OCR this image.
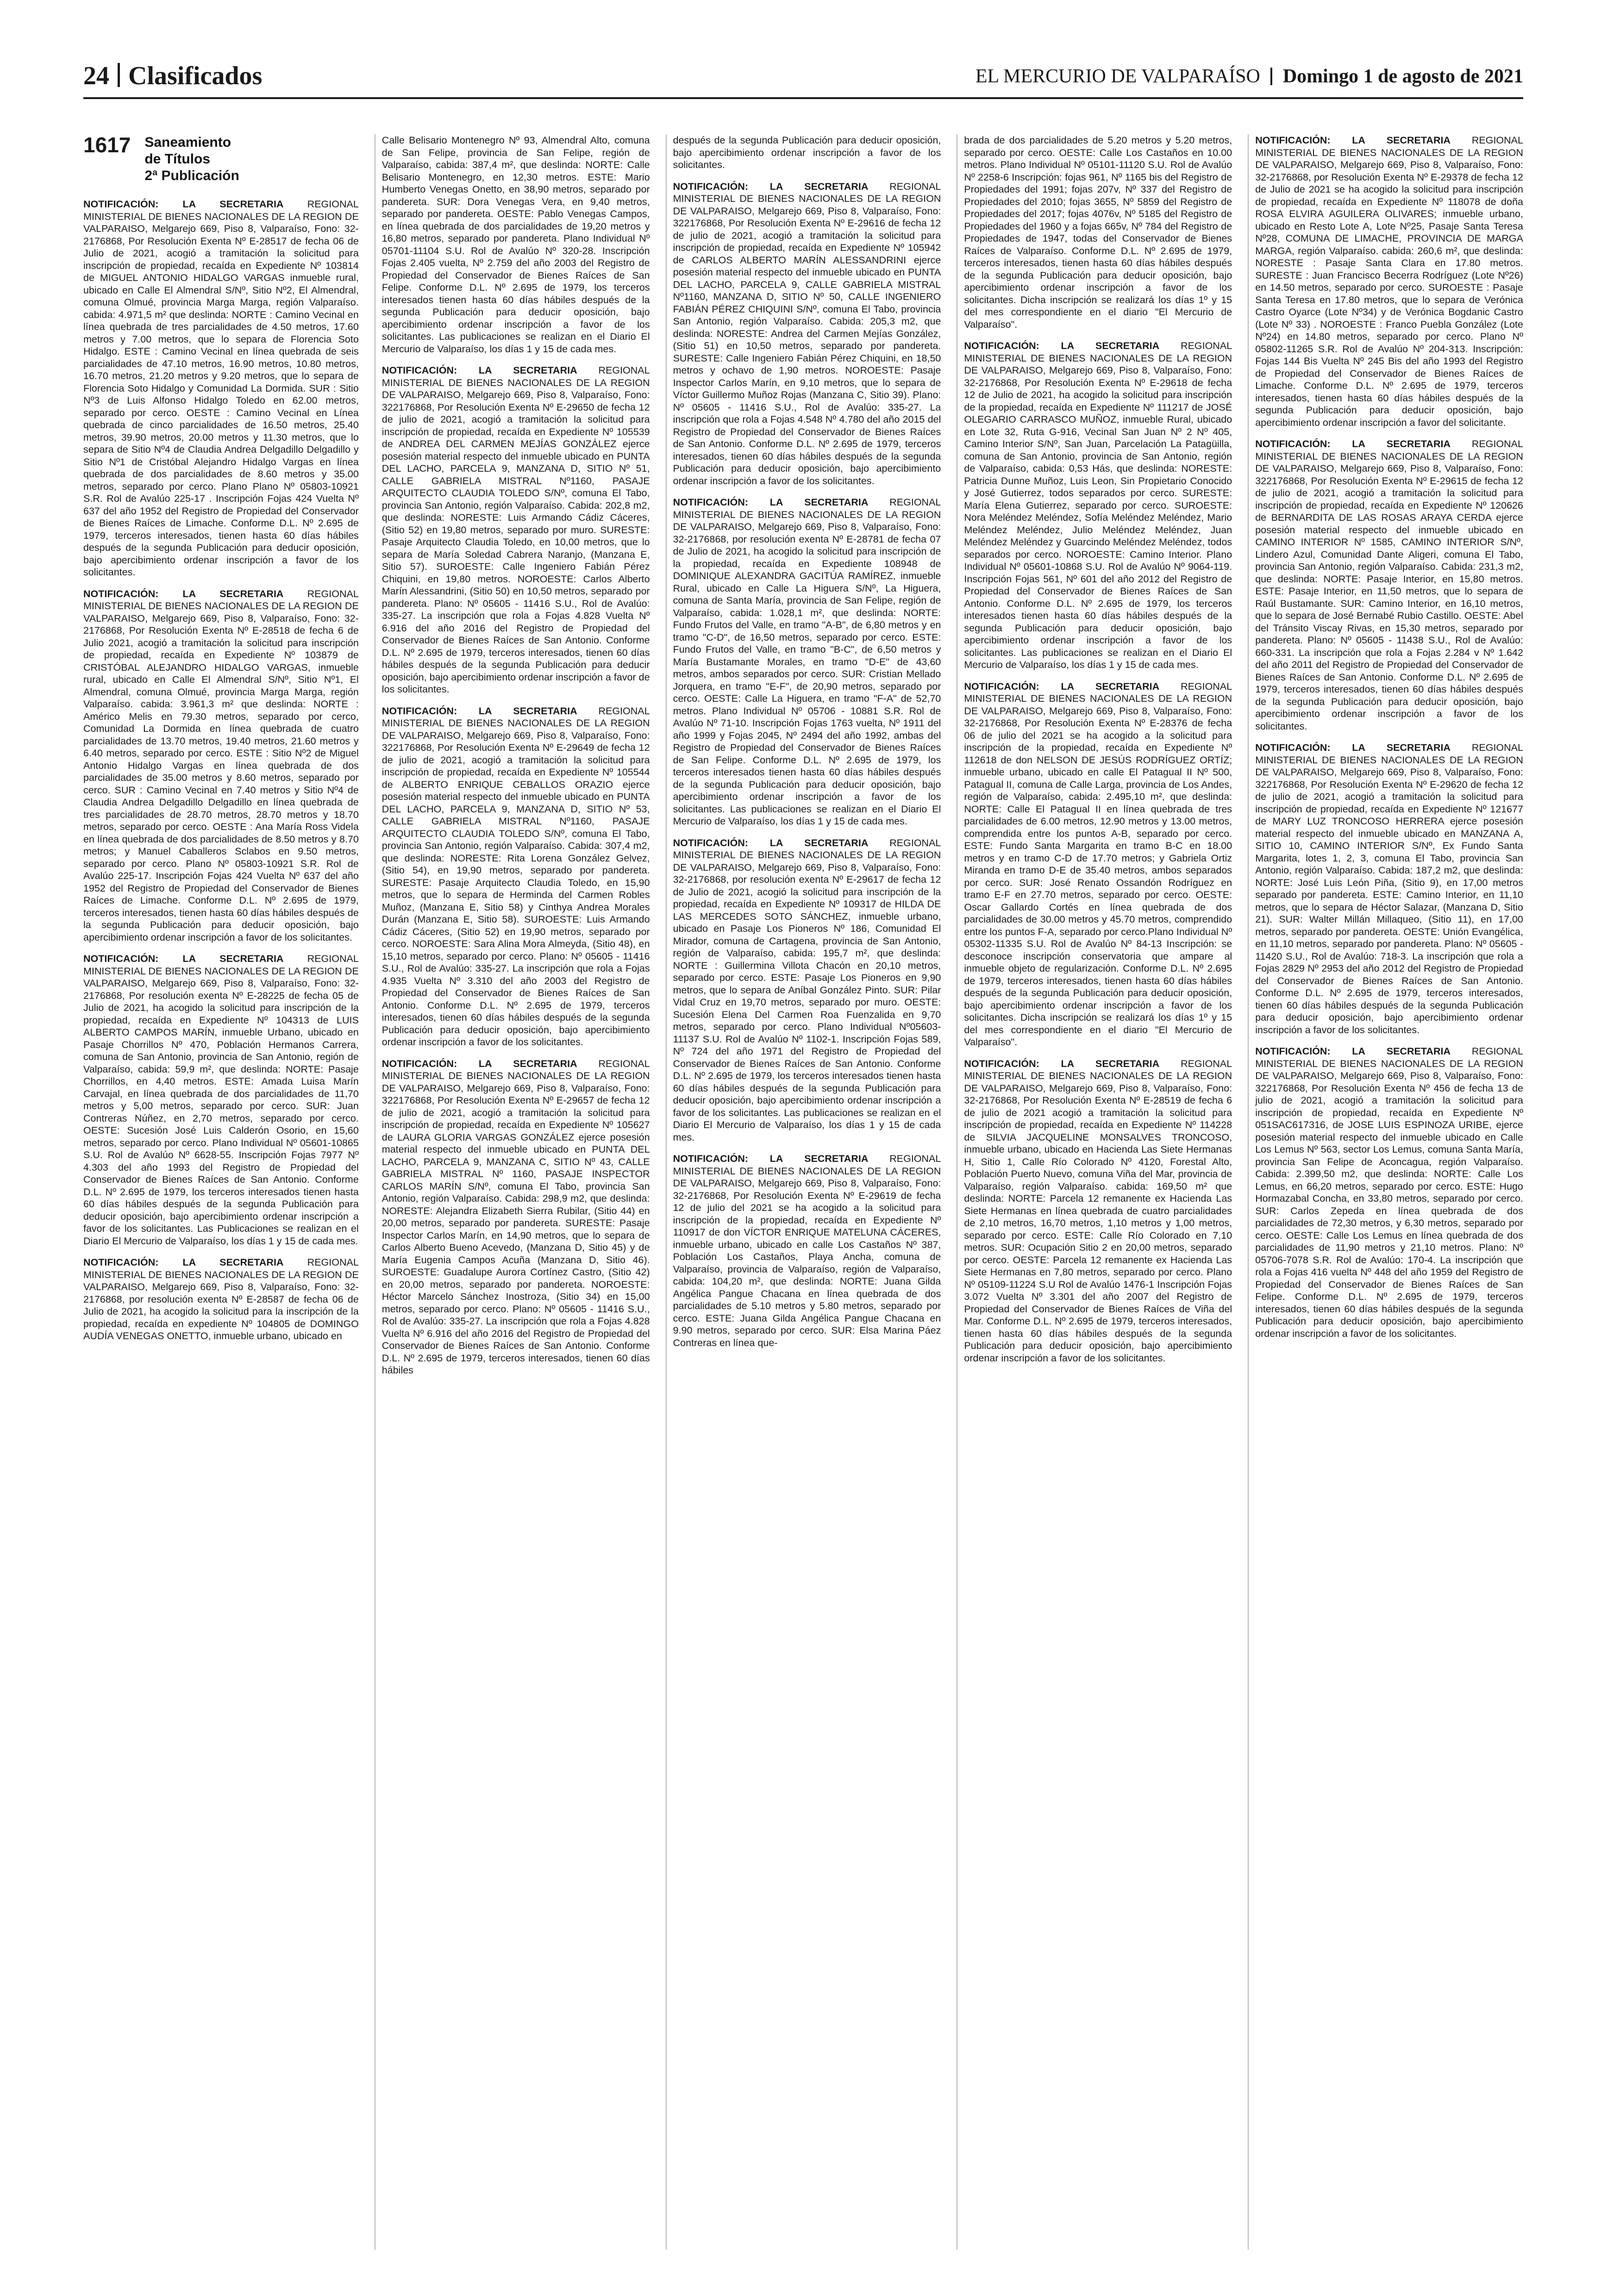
24 Clasificados	EL MERCURIO DE VALPARAÍSO Domingo 1 de agosto de 2021
1617 Saneamiento
de Títulos
2ª Publicación

NOTIFICACIÓN: LA SECRETARIA REGIONAL MINISTERIAL DE BIENES NACIONALES DE LA REGION DE VALPARAISO, Melgarejo 669, Piso 8, Valparaíso, Fono: 32-2176868, Por Resolución Exenta Nº E-28517 de fecha 06 de Julio de 2021, acogió a tramitación la solicitud para inscripción de propiedad, recaída en Expediente Nº 103814 de MIGUEL ANTONIO HIDALGO VARGAS inmueble rural, ubicado en Calle El Almendral S/Nº, Sitio Nº2, El Almendral, comuna Olmué, provincia Marga Marga, región Valparaíso. cabida: 4.971,5 m² que deslinda: NORTE : Camino Vecinal en línea quebrada de tres parcialidades de 4.50 metros, 17.60 metros y 7.00 metros, que lo separa de Florencia Soto Hidalgo. ESTE : Camino Vecinal en línea quebrada de seis parcialidades de 47.10 metros, 16.90 metros, 10.80 metros, 16.70 metros, 21.20 metros y 9.20 metros, que lo separa de Florencia Soto Hidalgo y Comunidad La Dormida. SUR : Sitio Nº3 de Luis Alfonso Hidalgo Toledo en 62.00 metros, separado por cerco. OESTE : Camino Vecinal en Línea quebrada de cinco parcialidades de 16.50 metros, 25.40 metros, 39.90 metros, 20.00 metros y 11.30 metros, que lo separa de Sitio Nº4 de Claudia Andrea Delgadillo Delgadillo y Sitio Nº1 de Cristóbal Alejandro Hidalgo Vargas en línea quebrada de dos parcialidades de 8.60 metros y 35.00 metros, separado por cerco. Plano Plano Nº 05803-10921 S.R. Rol de Avalúo 225-17 . Inscripción Fojas 424 Vuelta Nº 637 del año 1952 del Registro de Propiedad del Conservador de Bienes Raíces de Limache. Conforme D.L. Nº 2.695 de 1979, terceros interesados, tienen hasta 60 días hábiles después de la segunda Publicación para deducir oposición, bajo apercibimiento ordenar inscripción a favor de los solicitantes.

NOTIFICACIÓN: LA SECRETARIA REGIONAL MINISTERIAL DE BIENES NACIONALES DE LA REGION DE VALPARAISO, Melgarejo 669, Piso 8, Valparaíso, Fono: 32-2176868, Por Resolución Exenta Nº E-28518 de fecha 6 de Julio 2021, acogió a tramitación la solicitud para inscripción de propiedad, recaída en Expediente Nº 103879 de CRISTÓBAL ALEJANDRO HIDALGO VARGAS, inmueble rural, ubicado en Calle El Almendral S/Nº, Sitio Nº1, El Almendral, comuna Olmué, provincia Marga Marga, región Valparaíso. cabida: 3.961,3 m² que deslinda: NORTE : Américo Melis en 79.30 metros, separado por cerco, Comunidad La Dormida en línea quebrada de cuatro parcialidades de 13.70 metros, 19.40 metros, 21.60 metros y 6.40 metros, separado por cerco. ESTE : Sitio Nº2 de Miguel Antonio Hidalgo Vargas en línea quebrada de dos parcialidades de 35.00 metros y 8.60 metros, separado por cerco. SUR : Camino Vecinal en 7.40 metros y Sitio Nº4 de Claudia Andrea Delgadillo Delgadillo en línea quebrada de tres parcialidades de 28.70 metros, 28.70 metros y 18.70 metros, separado por cerco. OESTE : Ana María Ross Videla en línea quebrada de dos parcialidades de 8.50 metros y 8.70 metros; y Manuel Caballeros Sclabos en 9.50 metros, separado por cerco. Plano Nº 05803-10921 S.R. Rol de Avalúo 225-17. Inscripción Fojas 424 Vuelta Nº 637 del año 1952 del Registro de Propiedad del Conservador de Bienes Raíces de Limache. Conforme D.L. Nº 2.695 de 1979, terceros interesados, tienen hasta 60 días hábiles después de la segunda Publicación para deducir oposición, bajo apercibimiento ordenar inscripción a favor de los solicitantes.

NOTIFICACIÓN: LA SECRETARIA REGIONAL MINISTERIAL DE BIENES NACIONALES DE LA REGION DE VALPARAISO, Melgarejo 669, Piso 8, Valparaíso, Fono: 32-2176868, Por resolución exenta Nº E-28225 de fecha 05 de Julio de 2021, ha acogido la solicitud para inscripción de la propiedad, recaída en Expediente Nº 104313 de LUIS ALBERTO CAMPOS MARÍN, inmueble Urbano, ubicado en Pasaje Chorrillos Nº 470, Población Hermanos Carrera, comuna de San Antonio, provincia de San Antonio, región de Valparaíso, cabida: 59,9 m², que deslinda: NORTE: Pasaje Chorrillos, en 4,40 metros. ESTE: Amada Luisa Marín Carvajal, en línea quebrada de dos parcialidades de 11,70 metros y 5,00 metros, separado por cerco. SUR: Juan Contreras Núñez, en 2,70 metros, separado por cerco. OESTE: Sucesión José Luis Calderón Osorio, en 15,60 metros, separado por cerco. Plano Individual Nº 05601-10865 S.U. Rol de Avalúo Nº 6628-55. Inscripción Fojas 7977 Nº 4.303 del año 1993 del Registro de Propiedad del Conservador de Bienes Raíces de San Antonio. Conforme D.L. Nº 2.695 de 1979, los terceros interesados tienen hasta 60 días hábiles después de la segunda Publicación para deducir oposición, bajo apercibimiento ordenar inscripción a favor de los solicitantes. Las Publicaciones se realizan en el Diario El Mercurio de Valparaíso, los días 1 y 15 de cada mes.

NOTIFICACIÓN: LA SECRETARIA REGIONAL MINISTERIAL DE BIENES NACIONALES DE LA REGION DE VALPARAISO, Melgarejo 669, Piso 8, Valparaíso, Fono: 32-2176868, por resolución exenta Nº E-28587 de fecha 06 de Julio de 2021, ha acogido la solicitud para la inscripción de la propiedad, recaída en expediente Nº 104805 de DOMINGO AUDÍA VENEGAS ONETTO, inmueble urbano, ubicado en

Calle Belisario Montenegro Nº 93, Almendral Alto, comuna de San Felipe, provincia de San Felipe, región de Valparaíso, cabida: 387,4 m², que deslinda: NORTE: Calle Belisario Montenegro, en 12,30 metros. ESTE: Mario Humberto Venegas Onetto, en 38,90 metros, separado por pandereta. SUR: Dora Venegas Vera, en 9,40 metros, separado por pandereta. OESTE: Pablo Venegas Campos, en línea quebrada de dos parcialidades de 19,20 metros y 16,80 metros, separado por pandereta. Plano Individual Nº 05701-11104 S.U. Rol de Avalúo Nº 320-28. Inscripción Fojas 2.405 vuelta, Nº 2.759 del año 2003 del Registro de Propiedad del Conservador de Bienes Raíces de San Felipe. Conforme D.L. Nº 2.695 de 1979, los terceros interesados tienen hasta 60 días hábiles después de la segunda Publicación para deducir oposición, bajo apercibimiento ordenar inscripción a favor de los solicitantes. Las publicaciones se realizan en el Diario El Mercurio de Valparaíso, los días 1 y 15 de cada mes.

NOTIFICACIÓN: LA SECRETARIA REGIONAL MINISTERIAL DE BIENES NACIONALES DE LA REGION DE VALPARAISO, Melgarejo 669, Piso 8, Valparaíso, Fono: 322176868, Por Resolución Exenta Nº E-29650 de fecha 12 de julio de 2021, acogió a tramitación la solicitud para inscripción de propiedad, recaída en Expediente Nº 105539 de ANDREA DEL CARMEN MEJÍAS GONZÁLEZ ejerce posesión material respecto del inmueble ubicado en PUNTA DEL LACHO, PARCELA 9, MANZANA D, SITIO Nº 51, CALLE GABRIELA MISTRAL Nº1160, PASAJE ARQUITECTO CLAUDIA TOLEDO S/Nº, comuna El Tabo, provincia San Antonio, región Valparaíso. Cabida: 202,8 m2, que deslinda: NORESTE: Luis Armando Cádiz Cáceres, (Sitio 52) en 19,80 metros, separado por muro. SURESTE: Pasaje Arquitecto Claudia Toledo, en 10,00 metros, que lo separa de María Soledad Cabrera Naranjo, (Manzana E, Sitio 57). SUROESTE: Calle Ingeniero Fabián Pérez Chiquini, en 19,80 metros. NOROESTE: Carlos Alberto Marín Alessandrini, (Sitio 50) en 10,50 metros, separado por pandereta. Plano: Nº 05605 - 11416 S.U., Rol de Avalúo: 335-27. La inscripción que rola a Fojas 4.828 Vuelta Nº 6.916 del año 2016 del Registro de Propiedad del Conservador de Bienes Raíces de San Antonio. Conforme D.L. Nº 2.695 de 1979, terceros interesados, tienen 60 días hábiles después de la segunda Publicación para deducir oposición, bajo apercibimiento ordenar inscripción a favor de los solicitantes.

NOTIFICACIÓN: LA SECRETARIA REGIONAL MINISTERIAL DE BIENES NACIONALES DE LA REGION DE VALPARAISO, Melgarejo 669, Piso 8, Valparaíso, Fono: 322176868, Por Resolución Exenta Nº E-29649 de fecha 12 de julio de 2021, acogió a tramitación la solicitud para inscripción de propiedad, recaída en Expediente Nº 105544 de ALBERTO ENRIQUE CEBALLOS ORAZIO ejerce posesión material respecto del inmueble ubicado en PUNTA DEL LACHO, PARCELA 9, MANZANA D, SITIO Nº 53, CALLE GABRIELA MISTRAL Nº1160, PASAJE ARQUITECTO CLAUDIA TOLEDO S/Nº, comuna El Tabo, provincia San Antonio, región Valparaíso. Cabida: 307,4 m2, que deslinda: NORESTE: Rita Lorena González Gelvez, (Sitio 54), en 19,90 metros, separado por pandereta. SURESTE: Pasaje Arquitecto Claudia Toledo, en 15,90 metros, que lo separa de Herminda del Carmen Robles Muñoz, (Manzana E, Sitio 58) y Cinthya Andrea Morales Durán (Manzana E, Sitio 58). SUROESTE: Luis Armando Cádiz Cáceres, (Sitio 52) en 19,90 metros, separado por cerco. NOROESTE: Sara Alina Mora Almeyda, (Sitio 48), en 15,10 metros, separado por cerco. Plano: Nº 05605 - 11416 S.U., Rol de Avalúo: 335-27. La inscripción que rola a Fojas 4.935 Vuelta Nº 3.310 del año 2003 del Registro de Propiedad del Conservador de Bienes Raíces de San Antonio. Conforme D.L. Nº 2.695 de 1979, terceros interesados, tienen 60 días hábiles después de la segunda Publicación para deducir oposición, bajo apercibimiento ordenar inscripción a favor de los solicitantes.

NOTIFICACIÓN: LA SECRETARIA REGIONAL MINISTERIAL DE BIENES NACIONALES DE LA REGION DE VALPARAISO, Melgarejo 669, Piso 8, Valparaíso, Fono: 322176868, Por Resolución Exenta Nº E-29657 de fecha 12 de julio de 2021, acogió a tramitación la solicitud para inscripción de propiedad, recaída en Expediente Nº 105627 de LAURA GLORIA VARGAS GONZÁLEZ ejerce posesión material respecto del inmueble ubicado en PUNTA DEL LACHO, PARCELA 9, MANZANA C, SITIO Nº 43, CALLE GABRIELA MISTRAL Nº 1160, PASAJE INSPECTOR CARLOS MARÍN S/Nº, comuna El Tabo, provincia San Antonio, región Valparaíso. Cabida: 298,9 m2, que deslinda: NORESTE: Alejandra Elizabeth Sierra Rubilar, (Sitio 44) en 20,00 metros, separado por pandereta. SURESTE: Pasaje Inspector Carlos Marín, en 14,90 metros, que lo separa de Carlos Alberto Bueno Acevedo, (Manzana D, Sitio 45) y de María Eugenia Campos Acuña (Manzana D, Sitio 46). SUROESTE: Guadalupe Aurora Cortínez Castro, (Sitio 42) en 20,00 metros, separado por pandereta. NOROESTE: Héctor Marcelo Sánchez Inostroza, (Sitio 34) en 15,00 metros, separado por cerco. Plano: Nº 05605 - 11416 S.U., Rol de Avalúo: 335-27. La inscripción que rola a Fojas 4.828 Vuelta Nº 6.916 del año 2016 del Registro de Propiedad del Conservador de Bienes Raíces de San Antonio. Conforme D.L. Nº 2.695 de 1979, terceros interesados, tienen 60 días hábiles

después de la segunda Publicación para deducir oposición, bajo apercibimiento ordenar inscripción a favor de los solicitantes.

NOTIFICACIÓN: LA SECRETARIA REGIONAL MINISTERIAL DE BIENES NACIONALES DE LA REGION DE VALPARAISO, Melgarejo 669, Piso 8, Valparaíso, Fono: 322176868, Por Resolución Exenta Nº E-29616 de fecha 12 de julio de 2021, acogió a tramitación la solicitud para inscripción de propiedad, recaída en Expediente Nº 105942 de CARLOS ALBERTO MARÍN ALESSANDRINI ejerce posesión material respecto del inmueble ubicado en PUNTA DEL LACHO, PARCELA 9, CALLE GABRIELA MISTRAL Nº1160, MANZANA D, SITIO Nº 50, CALLE INGENIERO FABIÁN PÉREZ CHIQUINI S/Nº, comuna El Tabo, provincia San Antonio, región Valparaíso. Cabida: 205,3 m2, que deslinda: NORESTE: Andrea del Carmen Mejías González, (Sitio 51) en 10,50 metros, separado por pandereta. SURESTE: Calle Ingeniero Fabián Pérez Chiquini, en 18,50 metros y ochavo de 1,90 metros. NOROESTE: Pasaje Inspector Carlos Marín, en 9,10 metros, que lo separa de Víctor Guillermo Muñoz Rojas (Manzana C, Sitio 39). Plano: Nº 05605 - 11416 S.U., Rol de Avalúo: 335-27. La inscripción que rola a Fojas 4.548 Nº 4.780 del año 2015 del Registro de Propiedad del Conservador de Bienes Raíces de San Antonio. Conforme D.L. Nº 2.695 de 1979, terceros interesados, tienen 60 días hábiles después de la segunda Publicación para deducir oposición, bajo apercibimiento ordenar inscripción a favor de los solicitantes.

NOTIFICACIÓN: LA SECRETARIA REGIONAL MINISTERIAL DE BIENES NACIONALES DE LA REGION DE VALPARAISO, Melgarejo 669, Piso 8, Valparaíso, Fono: 32-2176868, por resolución exenta Nº E-28781 de fecha 07 de Julio de 2021, ha acogido la solicitud para inscripción de la propiedad, recaída en Expediente 108948 de DOMINIQUE ALEXANDRA GACITÚA RAMÍREZ, inmueble Rural, ubicado en Calle La Higuera S/Nº, La Higuera, comuna de Santa María, provincia de San Felipe, región de Valparaíso, cabida: 1.028,1 m², que deslinda: NORTE: Fundo Frutos del Valle, en tramo "A-B", de 6,80 metros y en tramo "C-D", de 16,50 metros, separado por cerco. ESTE: Fundo Frutos del Valle, en tramo "B-C", de 6,50 metros y María Bustamante Morales, en tramo "D-E" de 43,60 metros, ambos separados por cerco. SUR: Cristian Mellado Jorquera, en tramo "E-F", de 20,90 metros, separado por cerco. OESTE: Calle La Higuera, en tramo "F-A" de 52,70 metros. Plano Individual Nº 05706 - 10881 S.R. Rol de Avalúo Nº 71-10. Inscripción Fojas 1763 vuelta, Nº 1911 del año 1999 y Fojas 2045, Nº 2494 del año 1992, ambas del Registro de Propiedad del Conservador de Bienes Raíces de San Felipe. Conforme D.L. Nº 2.695 de 1979, los terceros interesados tienen hasta 60 días hábiles después de la segunda Publicación para deducir oposición, bajo apercibimiento ordenar inscripción a favor de los solicitantes. Las publicaciones se realizan en el Diario El Mercurio de Valparaíso, los días 1 y 15 de cada mes.

NOTIFICACIÓN: LA SECRETARIA REGIONAL MINISTERIAL DE BIENES NACIONALES DE LA REGION DE VALPARAISO, Melgarejo 669, Piso 8, Valparaíso, Fono: 32-2176868, por resolución exenta Nº E-29617 de fecha 12 de Julio de 2021, acogió la solicitud para inscripción de la propiedad, recaída en Expediente Nº 109317 de HILDA DE LAS MERCEDES SOTO SÁNCHEZ, inmueble urbano, ubicado en Pasaje Los Pioneros Nº 186, Comunidad El Mirador, comuna de Cartagena, provincia de San Antonio, región de Valparaíso, cabida: 195,7 m², que deslinda: NORTE : Guillermina Villota Chacón en 20,10 metros, separado por cerco. ESTE: Pasaje Los Pioneros en 9,90 metros, que lo separa de Aníbal González Pinto. SUR: Pilar Vidal Cruz en 19,70 metros, separado por muro. OESTE: Sucesión Elena Del Carmen Roa Fuenzalida en 9,70 metros, separado por cerco. Plano Individual Nº05603-11137 S.U. Rol de Avalúo Nº 1102-1. Inscripción Fojas 589, Nº 724 del año 1971 del Registro de Propiedad del Conservador de Bienes Raíces de San Antonio. Conforme D.L. Nº 2.695 de 1979, los terceros interesados tienen hasta 60 días hábiles después de la segunda Publicación para deducir oposición, bajo apercibimiento ordenar inscripción a favor de los solicitantes. Las publicaciones se realizan en el Diario El Mercurio de Valparaíso, los días 1 y 15 de cada mes.

NOTIFICACIÓN: LA SECRETARIA REGIONAL MINISTERIAL DE BIENES NACIONALES DE LA REGION DE VALPARAISO, Melgarejo 669, Piso 8, Valparaíso, Fono: 32-2176868, Por Resolución Exenta Nº E-29619 de fecha 12 de julio del 2021 se ha acogido a la solicitud para inscripción de la propiedad, recaída en Expediente Nº 110917 de don VÍCTOR ENRIQUE MATELUNA CÁCERES, inmueble urbano, ubicado en calle Los Castaños Nº 387, Población Los Castaños, Playa Ancha, comuna de Valparaíso, provincia de Valparaíso, región de Valparaíso, cabida: 104,20 m², que deslinda: NORTE: Juana Gilda Angélica Pangue Chacana en línea quebrada de dos parcialidades de 5.10 metros y 5.80 metros, separado por cerco. ESTE: Juana Gilda Angélica Pangue Chacana en 9.90 metros, separado por cerco. SUR: Elsa Marina Páez Contreras en línea que-

brada de dos parcialidades de 5.20 metros y 5.20 metros, separado por cerco. OESTE: Calle Los Castaños en 10.00 metros. Plano Individual Nº 05101-11120 S.U. Rol de Avalúo Nº 2258-6 Inscripción: fojas 961, Nº 1165 bis del Registro de Propiedades del 1991; fojas 207v, Nº 337 del Registro de Propiedades del 2010; fojas 3655, Nº 5859 del Registro de Propiedades del 2017; fojas 4076v, Nº 5185 del Registro de Propiedades del 1960 y a fojas 665v, Nº 784 del Registro de Propiedades de 1947, todas del Conservador de Bienes Raíces de Valparaíso. Conforme D.L. Nº 2.695 de 1979, terceros interesados, tienen hasta 60 días hábiles después de la segunda Publicación para deducir oposición, bajo apercibimiento ordenar inscripción a favor de los solicitantes. Dicha inscripción se realizará los días 1º y 15 del mes correspondiente en el diario "El Mercurio de Valparaíso".

NOTIFICACIÓN: LA SECRETARIA REGIONAL MINISTERIAL DE BIENES NACIONALES DE LA REGION DE VALPARAISO, Melgarejo 669, Piso 8, Valparaíso, Fono: 32-2176868, Por Resolución Exenta Nº E-29618 de fecha 12 de Julio de 2021, ha acogido la solicitud para inscripción de la propiedad, recaída en Expediente Nº 111217 de JOSÉ OLEGARIO CARRASCO MUÑOZ, inmueble Rural, ubicado en Lote 32, Ruta G-916, Vecinal San Juan Nº 2 Nº 405, Camino Interior S/Nº, San Juan, Parcelación La Patagüilla, comuna de San Antonio, provincia de San Antonio, región de Valparaíso, cabida: 0,53 Hás, que deslinda: NORESTE: Patricia Dunne Muñoz, Luis Leon, Sin Propietario Conocido y José Gutierrez, todos separados por cerco. SURESTE: María Elena Gutierrez, separado por cerco. SUROESTE: Nora Meléndez Meléndez, Sofía Meléndez Meléndez, Mario Meléndez Meléndez, Julio Meléndez Meléndez, Juan Meléndez Meléndez y Guarcindo Meléndez Meléndez, todos separados por cerco. NOROESTE: Camino Interior. Plano Individual Nº 05601-10868 S.U. Rol de Avalúo Nº 9064-119. Inscripción Fojas 561, Nº 601 del año 2012 del Registro de Propiedad del Conservador de Bienes Raíces de San Antonio. Conforme D.L. Nº 2.695 de 1979, los terceros interesados tienen hasta 60 días hábiles después de la segunda Publicación para deducir oposición, bajo apercibimiento ordenar inscripción a favor de los solicitantes. Las publicaciones se realizan en el Diario El Mercurio de Valparaíso, los días 1 y 15 de cada mes.

NOTIFICACIÓN: LA SECRETARIA REGIONAL MINISTERIAL DE BIENES NACIONALES DE LA REGION DE VALPARAISO, Melgarejo 669, Piso 8, Valparaíso, Fono: 32-2176868, Por Resolución Exenta Nº E-28376 de fecha 06 de julio del 2021 se ha acogido a la solicitud para inscripción de la propiedad, recaída en Expediente Nº 112618 de don NELSON DE JESÚS RODRÍGUEZ ORTÍZ; inmueble urbano, ubicado en calle El Patagual II Nº 500, Patagual II, comuna de Calle Larga, provincia de Los Andes, región de Valparaíso, cabida: 2.495,10 m², que deslinda: NORTE: Calle El Patagual II en línea quebrada de tres parcialidades de 6.00 metros, 12.90 metros y 13.00 metros, comprendida entre los puntos A-B, separado por cerco. ESTE: Fundo Santa Margarita en tramo B-C en 18.00 metros y en tramo C-D de 17.70 metros; y Gabriela Ortiz Miranda en tramo D-E de 35.40 metros, ambos separados por cerco. SUR: José Renato Ossandón Rodríguez en tramo E-F en 27.70 metros, separado por cerco. OESTE: Oscar Gallardo Cortés en línea quebrada de dos parcialidades de 30.00 metros y 45.70 metros, comprendido entre los puntos F-A, separado por cerco.Plano Individual Nº 05302-11335 S.U. Rol de Avalúo Nº 84-13 Inscripción: se desconoce inscripción conservatoria que ampare al inmueble objeto de regularización. Conforme D.L. Nº 2.695 de 1979, terceros interesados, tienen hasta 60 días hábiles después de la segunda Publicación para deducir oposición, bajo apercibimiento ordenar inscripción a favor de los solicitantes. Dicha inscripción se realizará los días 1º y 15 del mes correspondiente en el diario "El Mercurio de Valparaíso".

NOTIFICACIÓN: LA SECRETARIA REGIONAL MINISTERIAL DE BIENES NACIONALES DE LA REGION DE VALPARAISO, Melgarejo 669, Piso 8, Valparaíso, Fono: 32-2176868, Por Resolución Exenta Nº E-28519 de fecha 6 de julio de 2021 acogió a tramitación la solicitud para inscripción de propiedad, recaída en Expediente Nº 114228 de SILVIA JACQUELINE MONSALVES TRONCOSO, inmueble urbano, ubicado en Hacienda Las Siete Hermanas H, Sitio 1, Calle Río Colorado Nº 4120, Forestal Alto, Población Puerto Nuevo, comuna Viña del Mar, provincia de Valparaíso, región Valparaíso. cabida: 169,50 m² que deslinda: NORTE: Parcela 12 remanente ex Hacienda Las Siete Hermanas en línea quebrada de cuatro parcialidades de 2,10 metros, 16,70 metros, 1,10 metros y 1,00 metros, separado por cerco. ESTE: Calle Río Colorado en 7,10 metros. SUR: Ocupación Sitio 2 en 20,00 metros, separado por cerco. OESTE: Parcela 12 remanente ex Hacienda Las Siete Hermanas en 7,80 metros, separado por cerco. Plano Nº 05109-11224 S.U Rol de Avalúo 1476-1 Inscripción Fojas 3.072 Vuelta Nº 3.301 del año 2007 del Registro de Propiedad del Conservador de Bienes Raíces de Viña del Mar. Conforme D.L. Nº 2.695 de 1979, terceros interesados, tienen hasta 60 días hábiles después de la segunda Publicación para deducir oposición, bajo apercibimiento ordenar inscripción a favor de los solicitantes.

NOTIFICACIÓN: LA SECRETARIA REGIONAL MINISTERIAL DE BIENES NACIONALES DE LA REGION DE VALPARAISO, Melgarejo 669, Piso 8, Valparaíso, Fono: 32-2176868, por Resolución Exenta Nº E-29378 de fecha 12 de Julio de 2021 se ha acogido la solicitud para inscripción de propiedad, recaída en Expediente Nº 118078 de doña ROSA ELVIRA AGUILERA OLIVARES; inmueble urbano, ubicado en Resto Lote A, Lote Nº25, Pasaje Santa Teresa Nº28, COMUNA DE LIMACHE, PROVINCIA DE MARGA MARGA, región Valparaíso. cabida: 260,6 m², que deslinda: NORESTE : Pasaje Santa Clara en 17.80 metros. SURESTE : Juan Francisco Becerra Rodríguez (Lote Nº26) en 14.50 metros, separado por cerco. SUROESTE : Pasaje Santa Teresa en 17.80 metros, que lo separa de Verónica Castro Oyarce (Lote Nº34) y de Verónica Bogdanic Castro (Lote Nº 33) . NOROESTE : Franco Puebla González (Lote Nº24) en 14.80 metros, separado por cerco. Plano Nº 05802-11265 S.R. Rol de Avalúo Nº 204-313. Inscripción: Fojas 144 Bis Vuelta Nº 245 Bis del año 1993 del Registro de Propiedad del Conservador de Bienes Raíces de Limache. Conforme D.L. Nº 2.695 de 1979, terceros interesados, tienen hasta 60 días hábiles después de la segunda Publicación para deducir oposición, bajo apercibimiento ordenar inscripción a favor del solicitante.

NOTIFICACIÓN: LA SECRETARIA REGIONAL MINISTERIAL DE BIENES NACIONALES DE LA REGION DE VALPARAISO, Melgarejo 669, Piso 8, Valparaíso, Fono: 322176868, Por Resolución Exenta Nº E-29615 de fecha 12 de julio de 2021, acogió a tramitación la solicitud para inscripción de propiedad, recaída en Expediente Nº 120626 de BERNARDITA DE LAS ROSAS ARAYA CERDA ejerce posesión material respecto del inmueble ubicado en CAMINO INTERIOR Nº 1585, CAMINO INTERIOR S/Nº, Lindero Azul, Comunidad Dante Aligeri, comuna El Tabo, provincia San Antonio, región Valparaíso. Cabida: 231,3 m2, que deslinda: NORTE: Pasaje Interior, en 15,80 metros. ESTE: Pasaje Interior, en 11,50 metros, que lo separa de Raúl Bustamante. SUR: Camino Interior, en 16,10 metros, que lo separa de José Bernabé Rubio Castillo. OESTE: Abel del Tránsito Viscay Rivas, en 15,30 metros, separado por pandereta. Plano: Nº 05605 - 11438 S.U., Rol de Avalúo: 660-331. La inscripción que rola a Fojas 2.284 v Nº 1.642 del año 2011 del Registro de Propiedad del Conservador de Bienes Raíces de San Antonio. Conforme D.L. Nº 2.695 de 1979, terceros interesados, tienen 60 días hábiles después de la segunda Publicación para deducir oposición, bajo apercibimiento ordenar inscripción a favor de los solicitantes.

NOTIFICACIÓN: LA SECRETARIA REGIONAL MINISTERIAL DE BIENES NACIONALES DE LA REGION DE VALPARAISO, Melgarejo 669, Piso 8, Valparaíso, Fono: 322176868, Por Resolución Exenta Nº E-29620 de fecha 12 de julio de 2021, acogió a tramitación la solicitud para inscripción de propiedad, recaída en Expediente Nº 121677 de MARY LUZ TRONCOSO HERRERA ejerce posesión material respecto del inmueble ubicado en MANZANA A, SITIO 10, CAMINO INTERIOR S/Nº, Ex Fundo Santa Margarita, lotes 1, 2, 3, comuna El Tabo, provincia San Antonio, región Valparaíso. Cabida: 187,2 m2, que deslinda: NORTE: José Luis León Piña, (Sitio 9), en 17,00 metros separado por pandereta. ESTE: Camino Interior, en 11,10 metros, que lo separa de Héctor Salazar, (Manzana D, Sitio 21). SUR: Walter Millán Millaqueo, (Sitio 11), en 17,00 metros, separado por pandereta. OESTE: Unión Evangélica, en 11,10 metros, separado por pandereta. Plano: Nº 05605 - 11420 S.U., Rol de Avalúo: 718-3. La inscripción que rola a Fojas 2829 Nº 2953 del año 2012 del Registro de Propiedad del Conservador de Bienes Raíces de San Antonio. Conforme D.L. Nº 2.695 de 1979, terceros interesados, tienen 60 días hábiles después de la segunda Publicación para deducir oposición, bajo apercibimiento ordenar inscripción a favor de los solicitantes.

NOTIFICACIÓN: LA SECRETARIA REGIONAL MINISTERIAL DE BIENES NACIONALES DE LA REGION DE VALPARAISO, Melgarejo 669, Piso 8, Valparaíso, Fono: 322176868, Por Resolución Exenta Nº 456 de fecha 13 de julio de 2021, acogió a tramitación la solicitud para inscripción de propiedad, recaída en Expediente Nº 051SAC617316, de JOSE LUIS ESPINOZA URIBE, ejerce posesión material respecto del inmueble ubicado en Calle Los Lemus Nº 563, sector Los Lemus, comuna Santa María, provincia San Felipe de Aconcagua, región Valparaíso. Cabida: 2.399,50 m2, que deslinda: NORTE: Calle Los Lemus, en 66,20 metros, separado por cerco. ESTE: Hugo Hormazabal Concha, en 33,80 metros, separado por cerco. SUR: Carlos Zepeda en línea quebrada de dos parcialidades de 72,30 metros, y 6,30 metros, separado por cerco. OESTE: Calle Los Lemus en línea quebrada de dos parcialidades de 11,90 metros y 21,10 metros. Plano: Nº 05706-7078 S.R. Rol de Avalúo: 170-4. La inscripción que rola a Fojas 416 vuelta Nº 448 del año 1959 del Registro de Propiedad del Conservador de Bienes Raíces de San Felipe. Conforme D.L. Nº 2.695 de 1979, terceros interesados, tienen 60 días hábiles después de la segunda Publicación para deducir oposición, bajo apercibimiento ordenar inscripción a favor de los solicitantes.
